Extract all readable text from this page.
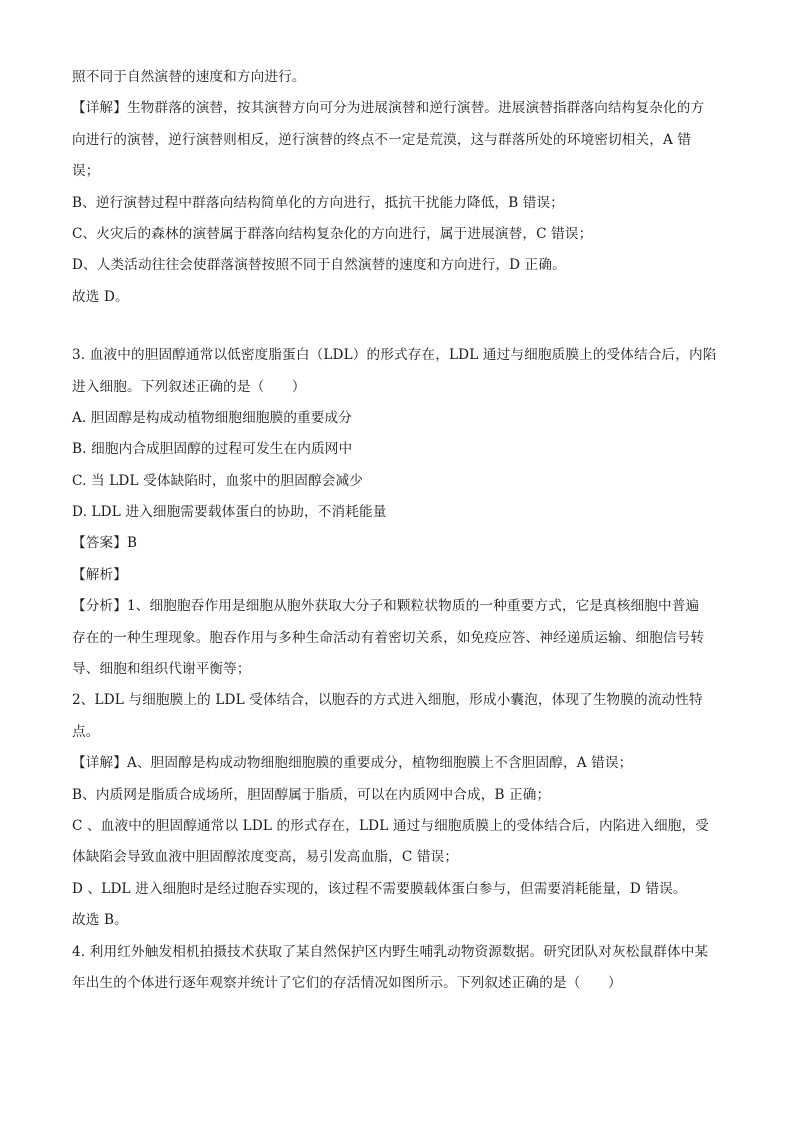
照不同于自然演替的速度和方向进行。
【详解】生物群落的演替，按其演替方向可分为进展演替和逆行演替。进展演替指群落向结构复杂化的方
向进行的演替，逆行演替则相反，逆行演替的终点不一定是荒漠，这与群落所处的环境密切相关，A 错
误；
B、逆行演替过程中群落向结构简单化的方向进行，抵抗干扰能力降低，B 错误；
C、火灾后的森林的演替属于群落向结构复杂化的方向进行，属于进展演替，C 错误；
D、人类活动往往会使群落演替按照不同于自然演替的速度和方向进行，D 正确。
故选 D。
3. 血液中的胆固醇通常以低密度脂蛋白（LDL）的形式存在，LDL 通过与细胞质膜上的受体结合后，内陷
进入细胞。下列叙述正确的是（　　）
A. 胆固醇是构成动植物细胞细胞膜的重要成分
B. 细胞内合成胆固醇的过程可发生在内质网中
C. 当 LDL 受体缺陷时，血浆中的胆固醇会减少
D. LDL 进入细胞需要载体蛋白的协助，不消耗能量
【答案】B
【解析】
【分析】1、细胞胞吞作用是细胞从胞外获取大分子和颗粒状物质的一种重要方式，它是真核细胞中普遍
存在的一种生理现象。胞吞作用与多种生命活动有着密切关系，如免疫应答、神经递质运输、细胞信号转
导、细胞和组织代谢平衡等；
2、LDL 与细胞膜上的 LDL 受体结合，以胞吞的方式进入细胞，形成小囊泡，体现了生物膜的流动性特
点。
【详解】A、胆固醇是构成动物细胞细胞膜的重要成分，植物细胞膜上不含胆固醇，A 错误；
B、内质网是脂质合成场所，胆固醇属于脂质，可以在内质网中合成，B 正确；
C 、血液中的胆固醇通常以 LDL 的形式存在，LDL 通过与细胞质膜上的受体结合后，内陷进入细胞，受
体缺陷会导致血液中胆固醇浓度变高，易引发高血脂，C 错误；
D 、LDL 进入细胞时是经过胞吞实现的，该过程不需要膜载体蛋白参与，但需要消耗能量，D 错误。
故选 B。
4. 利用红外触发相机拍摄技术获取了某自然保护区内野生哺乳动物资源数据。研究团队对灰松鼠群体中某
年出生的个体进行逐年观察并统计了它们的存活情况如图所示。下列叙述正确的是（　　）
